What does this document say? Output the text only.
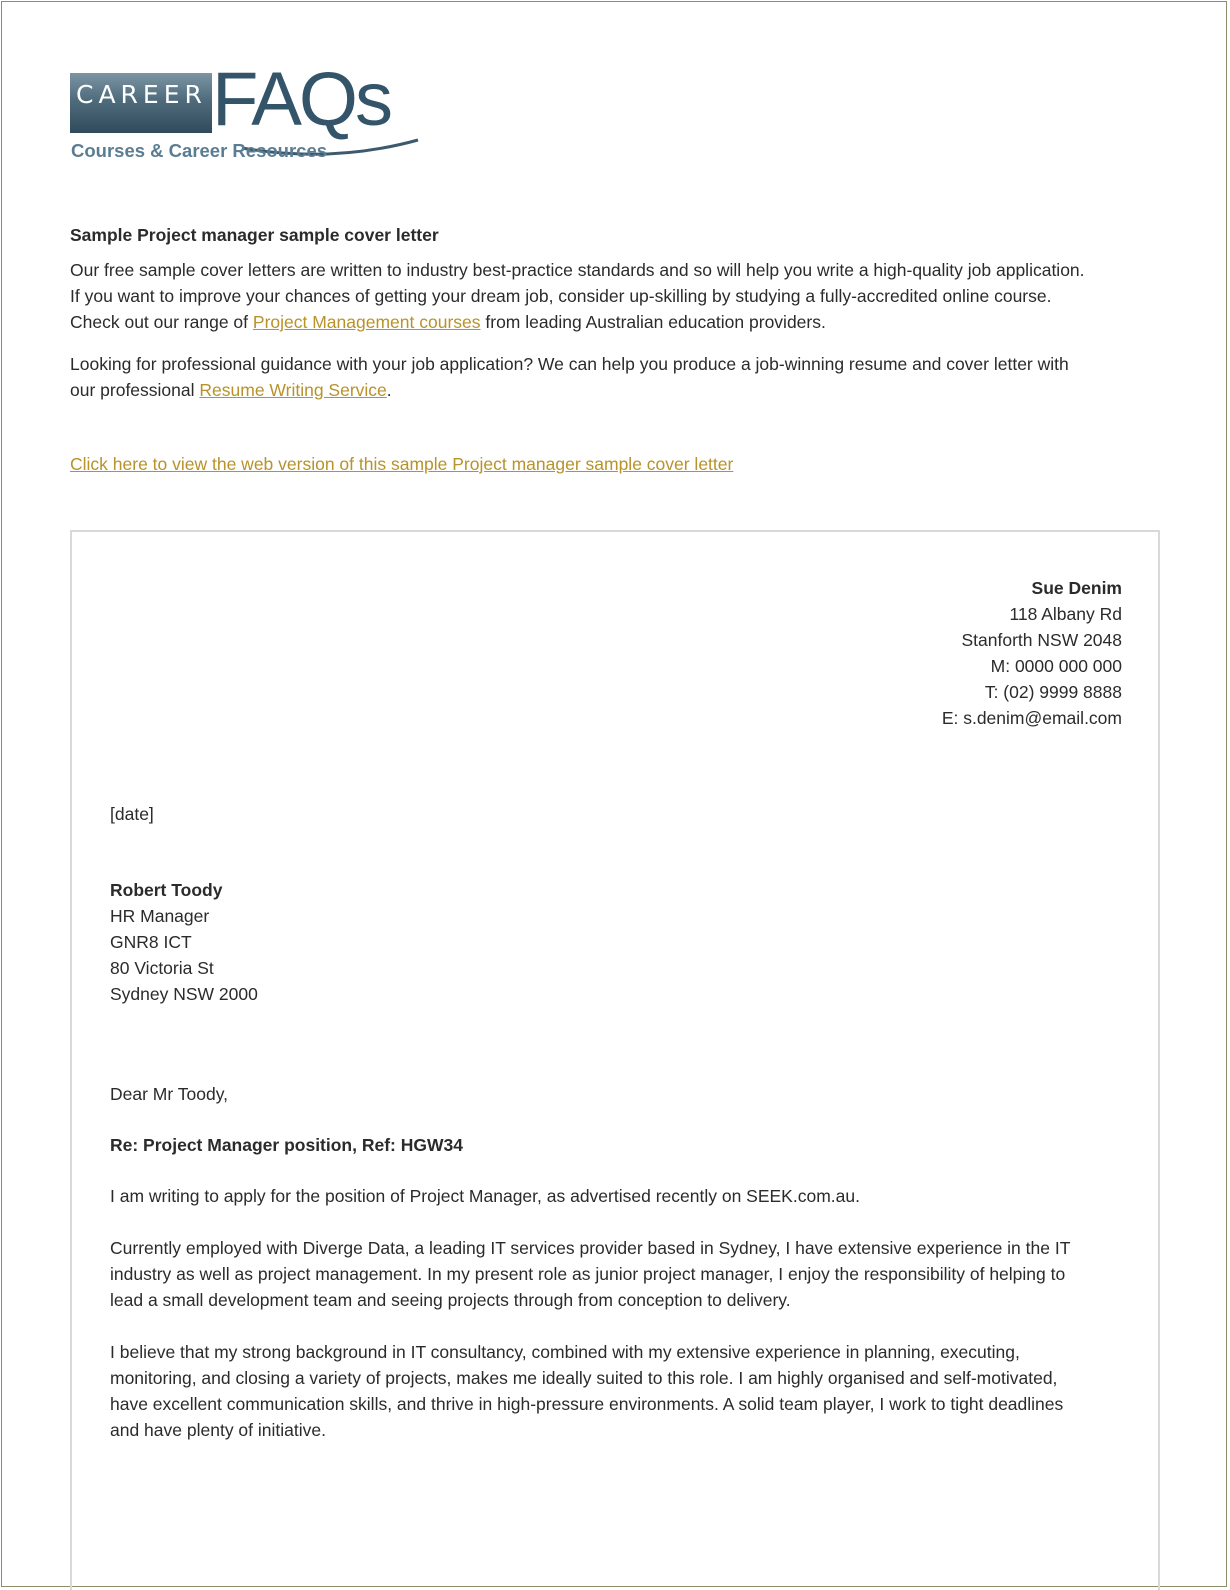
CAREER FAQs
Courses & Career Resources
Sample Project manager sample cover letter

Our free sample cover letters are written to industry best-practice standards and so will help you write a high-quality job application.
If you want to improve your chances of getting your dream job, consider up-skilling by studying a fully-accredited online course.
Check out our range of Project Management courses from leading Australian education providers.

Looking for professional guidance with your job application? We can help you produce a job-winning resume and cover letter with
our professional Resume Writing Service.

Click here to view the web version of this sample Project manager sample cover letter
Sue Denim
118 Albany Rd
Stanforth NSW 2048
M: 0000 000 000
T: (02) 9999 8888
E: s.denim@email.com
[date]
Robert Toody
HR Manager
GNR8 ICT
80 Victoria St
Sydney NSW 2000

Dear Mr Toody,

Re: Project Manager position, Ref: HGW34

I am writing to apply for the position of Project Manager, as advertised recently on SEEK.com.au.

Currently employed with Diverge Data, a leading IT services provider based in Sydney, I have extensive experience in the IT
industry as well as project management. In my present role as junior project manager, I enjoy the responsibility of helping to
lead a small development team and seeing projects through from conception to delivery.

I believe that my strong background in IT consultancy, combined with my extensive experience in planning, executing,
monitoring, and closing a variety of projects, makes me ideally suited to this role. I am highly organised and self-motivated,
have excellent communication skills, and thrive in high-pressure environments. A solid team player, I work to tight deadlines
and have plenty of initiative.
